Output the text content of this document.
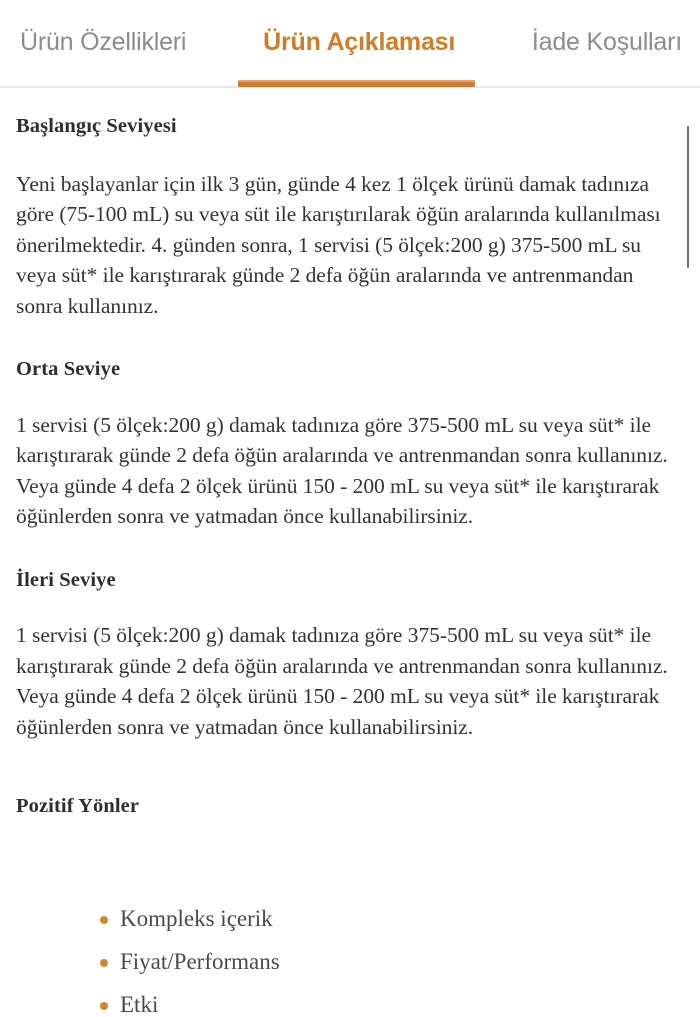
Ürün Özellikleri	Ürün Açıklaması	İade Koşulları
Başlangıç Seviyesi

Yeni başlayanlar için ilk 3 gün, günde 4 kez 1 ölçek ürünü damak tadınıza göre (75-100 mL) su veya süt ile karıştırılarak öğün aralarında kullanılması önerilmektedir. 4. günden sonra, 1 servisi (5 ölçek:200 g) 375-500 mL su veya süt* ile karıştırarak günde 2 defa öğün aralarında ve antrenmandan sonra kullanınız.

Orta Seviye

1 servisi (5 ölçek:200 g) damak tadınıza göre 375-500 mL su veya süt* ile karıştırarak günde 2 defa öğün aralarında ve antrenmandan sonra kullanınız. Veya günde 4 defa 2 ölçek ürünü 150 - 200 mL su veya süt* ile karıştırarak öğünlerden sonra ve yatmadan önce kullanabilirsiniz.

İleri Seviye

1 servisi (5 ölçek:200 g) damak tadınıza göre 375-500 mL su veya süt* ile karıştırarak günde 2 defa öğün aralarında ve antrenmandan sonra kullanınız. Veya günde 4 defa 2 ölçek ürünü 150 - 200 mL su veya süt* ile karıştırarak öğünlerden sonra ve yatmadan önce kullanabilirsiniz.

Pozitif Yönler
Kompleks içerik
Fiyat/Performans
Etki
